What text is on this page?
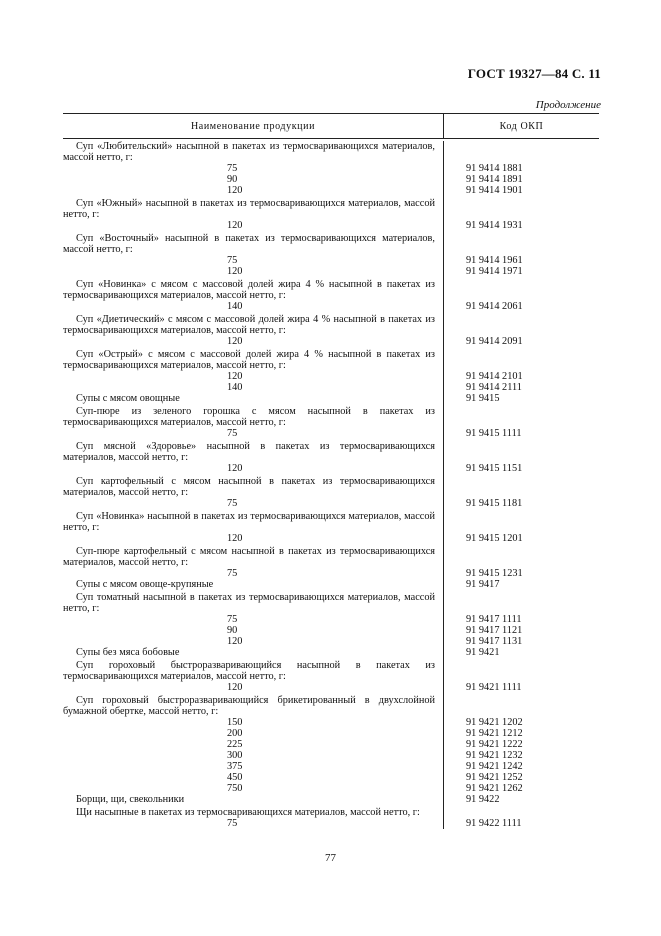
ГОСТ 19327—84 С. 11
Продолжение
Наименование продукции	Код ОКП
Суп «Любительский» насыпной в пакетах из термосваривающихся материалов, массой нетто, г:
75	91 9414 1881
90	91 9414 1891
120	91 9414 1901
Суп «Южный» насыпной в пакетах из термосваривающихся материалов, массой нетто, г:
120	91 9414 1931
Суп «Восточный» насыпной в пакетах из термосваривающихся материалов, массой нетто, г:
75	91 9414 1961
120	91 9414 1971
Суп «Новинка» с мясом с массовой долей жира 4 % насыпной в пакетах из термосваривающихся материалов, массой нетто, г:
140	91 9414 2061
Суп «Диетический» с мясом с массовой долей жира 4 % насыпной в пакетах из термосваривающихся материалов, массой нетто, г:
120	91 9414 2091
Суп «Острый» с мясом с массовой долей жира 4 % насыпной в пакетах из термосваривающихся материалов, массой нетто, г:
120	91 9414 2101
140	91 9414 2111
Супы с мясом овощные	91 9415
Суп-пюре из зеленого горошка с мясом насыпной в пакетах из термосваривающихся материалов, массой нетто, г:
75	91 9415 1111
Суп мясной «Здоровье» насыпной в пакетах из термосваривающихся материалов, массой нетто, г:
120	91 9415 1151
Суп картофельный с мясом насыпной в пакетах из термосваривающихся материалов, массой нетто, г:
75	91 9415 1181
Суп «Новинка» насыпной в пакетах из термосваривающихся материалов, массой нетто, г:
120	91 9415 1201
Суп-пюре картофельный с мясом насыпной в пакетах из термосваривающихся материалов, массой нетто, г:
75	91 9415 1231
Супы с мясом овоще-крупяные	91 9417
Суп томатный насыпной в пакетах из термосваривающихся материалов, массой нетто, г:
75	91 9417 1111
90	91 9417 1121
120	91 9417 1131
Супы без мяса бобовые	91 9421
Суп гороховый быстроразваривающийся насыпной в пакетах из термосваривающихся материалов, массой нетто, г:
120	91 9421 1111
Суп гороховый быстроразваривающийся брикетированный в двухслойной бумажной обертке, массой нетто, г:
150	91 9421 1202
200	91 9421 1212
225	91 9421 1222
300	91 9421 1232
375	91 9421 1242
450	91 9421 1252
750	91 9421 1262
Борщи, щи, свекольники	91 9422
Щи насыпные в пакетах из термосваривающихся материалов, массой нетто, г:
75	91 9422 1111
77
